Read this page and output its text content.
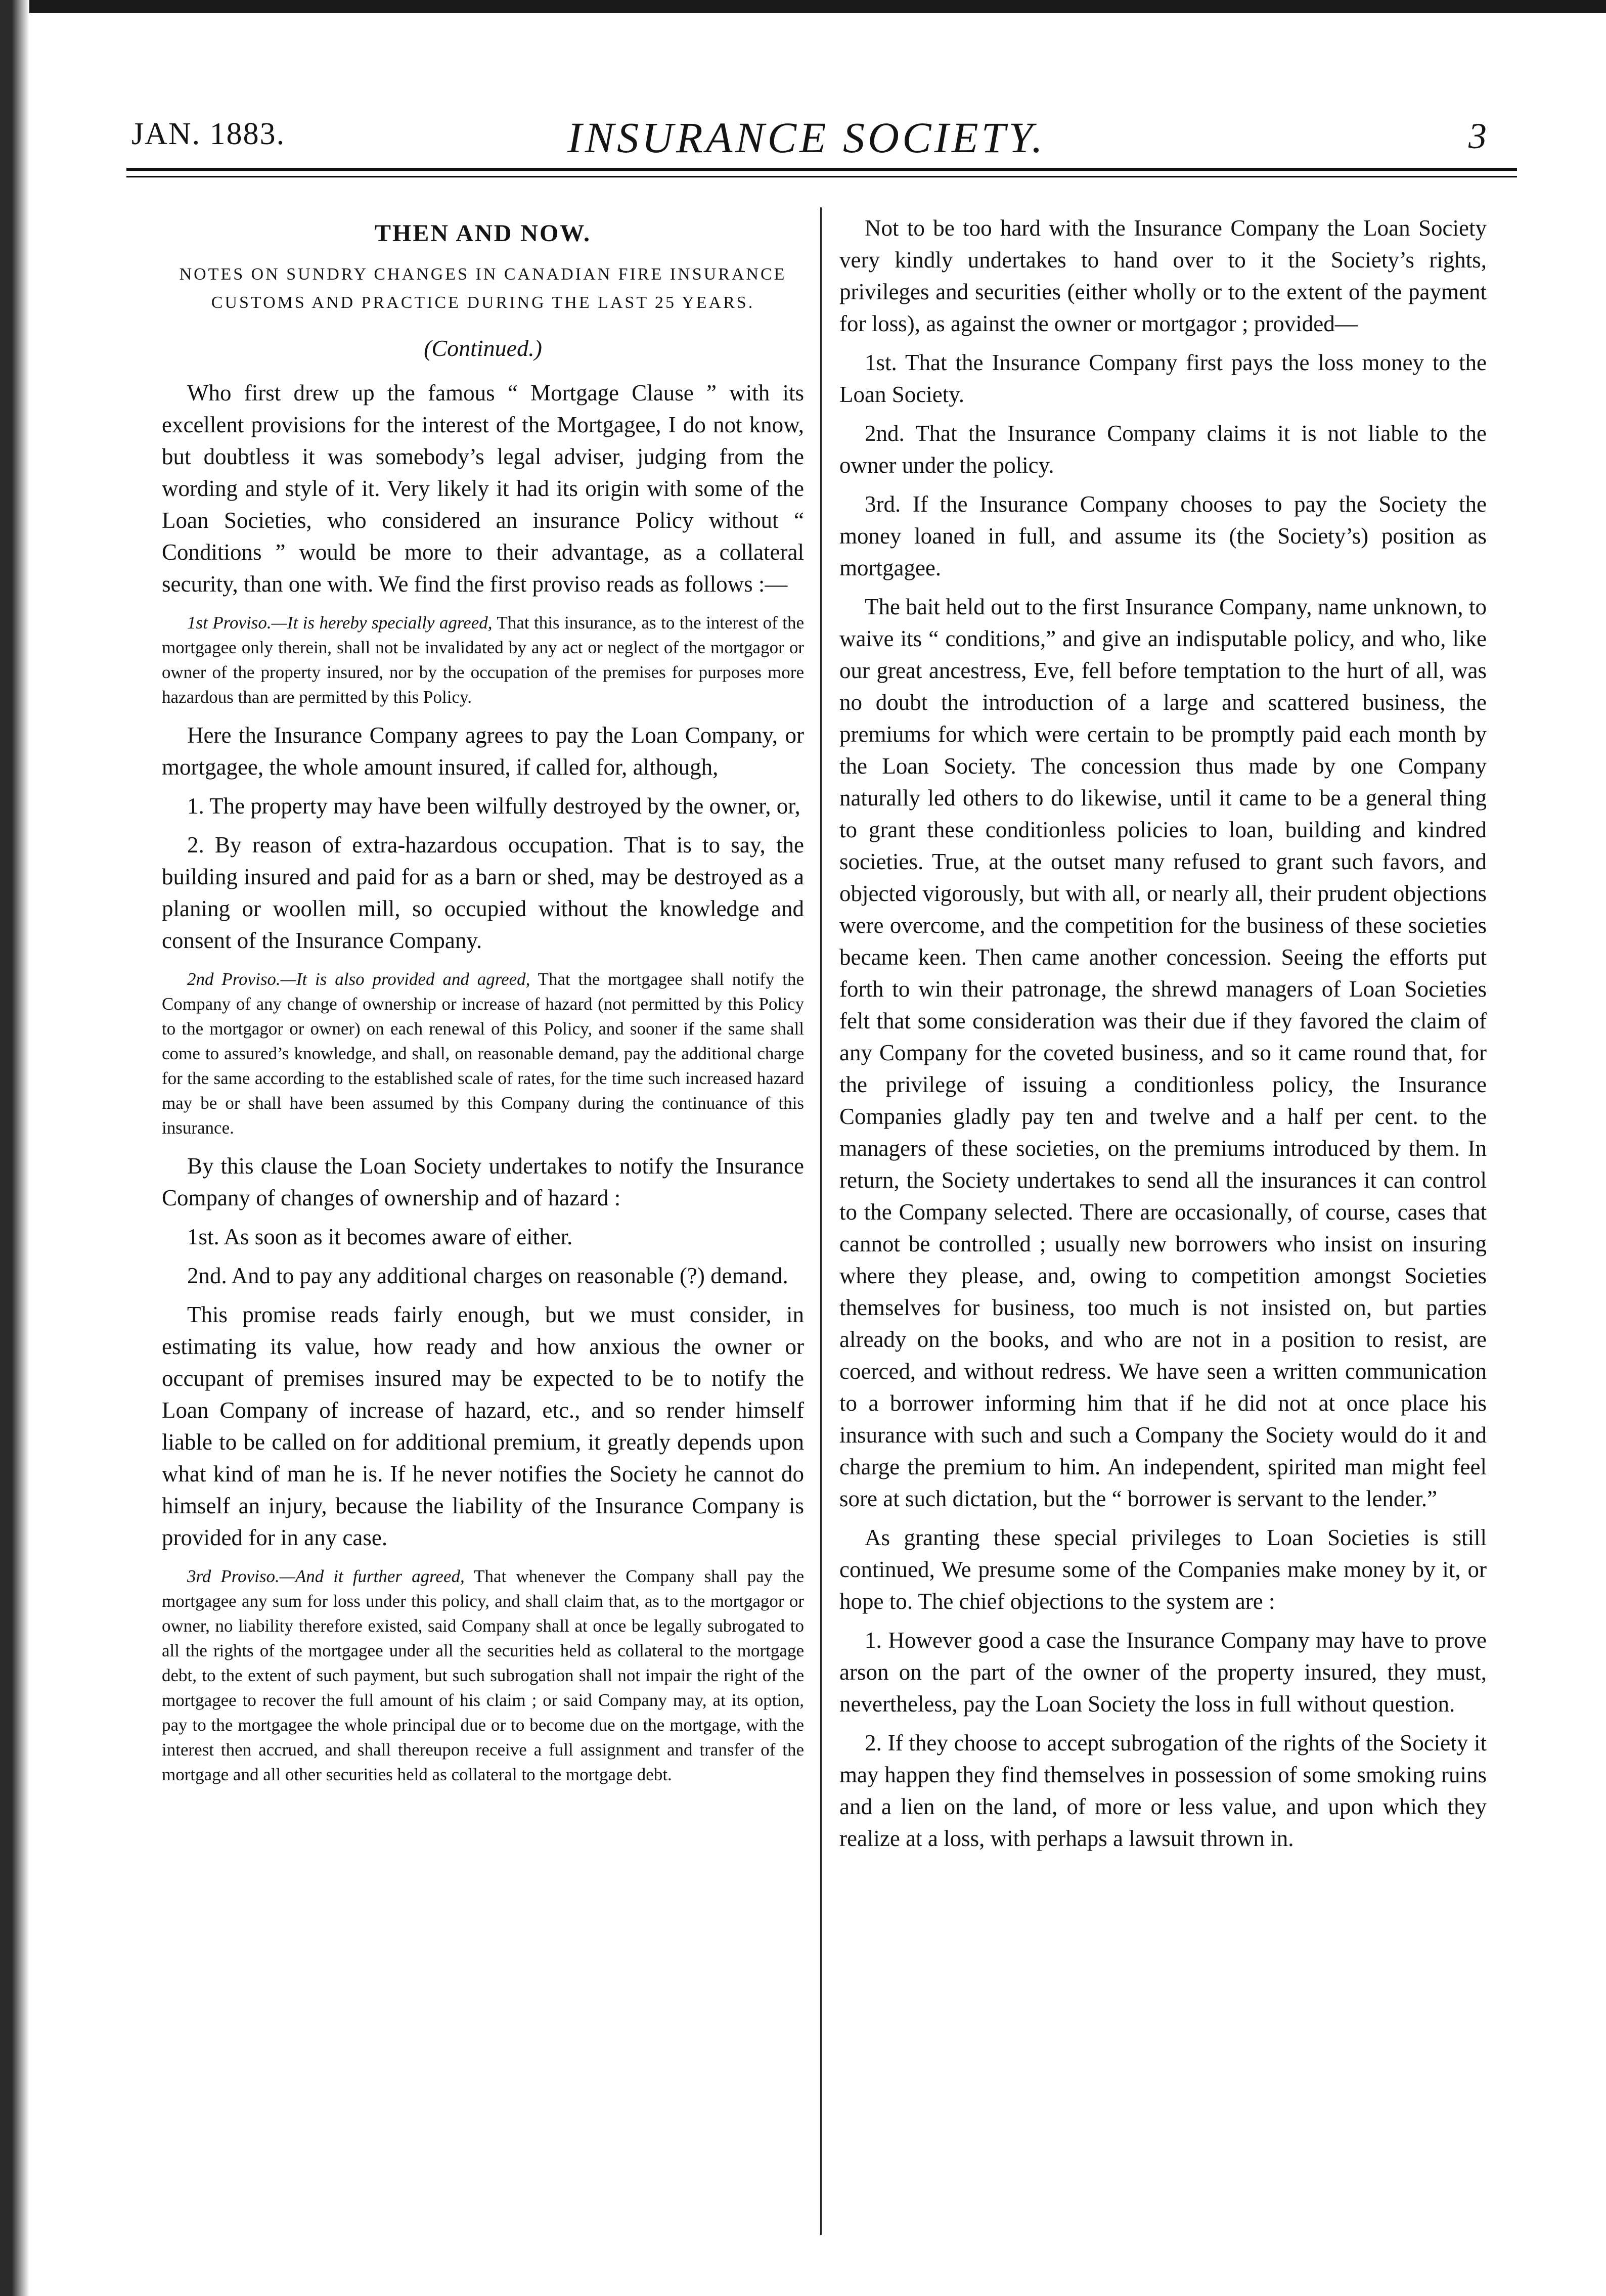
JAN. 1883.	INSURANCE SOCIETY.	3
THEN AND NOW.
NOTES ON SUNDRY CHANGES IN CANADIAN FIRE INSURANCE CUSTOMS AND PRACTICE DURING THE LAST 25 YEARS.
(Continued.)

Who first drew up the famous “ Mortgage Clause ” with its excellent provisions for the interest of the Mortgagee, I do not know, but doubtless it was somebody’s legal adviser, judging from the wording and style of it. Very likely it had its origin with some of the Loan Societies, who considered an insurance Policy without “ Conditions ” would be more to their advantage, as a collateral security, than one with. We find the first proviso reads as follows :—

1st Proviso.—It is hereby specially agreed, That this insurance, as to the interest of the mortgagee only therein, shall not be invalidated by any act or neglect of the mortgagor or owner of the property insured, nor by the occupation of the premises for purposes more hazardous than are permitted by this Policy.

Here the Insurance Company agrees to pay the Loan Company, or mortgagee, the whole amount insured, if called for, although,

1. The property may have been wilfully destroyed by the owner, or,

2. By reason of extra-hazardous occupation. That is to say, the building insured and paid for as a barn or shed, may be destroyed as a planing or woollen mill, so occupied without the knowledge and consent of the Insurance Company.

2nd Proviso.—It is also provided and agreed, That the mortgagee shall notify the Company of any change of ownership or increase of hazard (not permitted by this Policy to the mortgagor or owner) on each renewal of this Policy, and sooner if the same shall come to assured’s knowledge, and shall, on reasonable demand, pay the additional charge for the same according to the established scale of rates, for the time such increased hazard may be or shall have been assumed by this Company during the continuance of this insurance.

By this clause the Loan Society undertakes to notify the Insurance Company of changes of ownership and of hazard :

1st. As soon as it becomes aware of either.

2nd. And to pay any additional charges on reasonable (?) demand.

This promise reads fairly enough, but we must consider, in estimating its value, how ready and how anxious the owner or occupant of premises insured may be expected to be to notify the Loan Company of increase of hazard, etc., and so render himself liable to be called on for additional premium, it greatly depends upon what kind of man he is. If he never notifies the Society he cannot do himself an injury, because the liability of the Insurance Company is provided for in any case.

3rd Proviso.—And it further agreed, That whenever the Company shall pay the mortgagee any sum for loss under this policy, and shall claim that, as to the mortgagor or owner, no liability therefore existed, said Company shall at once be legally subrogated to all the rights of the mortgagee under all the securities held as collateral to the mortgage debt, to the extent of such payment, but such subrogation shall not impair the right of the mortgagee to recover the full amount of his claim ; or said Company may, at its option, pay to the mortgagee the whole principal due or to become due on the mortgage, with the interest then accrued, and shall thereupon receive a full assignment and transfer of the mortgage and all other securities held as collateral to the mortgage debt.

Not to be too hard with the Insurance Company the Loan Society very kindly undertakes to hand over to it the Society’s rights, privileges and securities (either wholly or to the extent of the payment for loss), as against the owner or mortgagor ; provided—

1st. That the Insurance Company first pays the loss money to the Loan Society.

2nd. That the Insurance Company claims it is not liable to the owner under the policy.

3rd. If the Insurance Company chooses to pay the Society the money loaned in full, and assume its (the Society’s) position as mortgagee.

The bait held out to the first Insurance Company, name unknown, to waive its “ conditions,” and give an indisputable policy, and who, like our great ancestress, Eve, fell before temptation to the hurt of all, was no doubt the introduction of a large and scattered business, the premiums for which were certain to be promptly paid each month by the Loan Society. The concession thus made by one Company naturally led others to do likewise, until it came to be a general thing to grant these conditionless policies to loan, building and kindred societies. True, at the outset many refused to grant such favors, and objected vigorously, but with all, or nearly all, their prudent objections were overcome, and the competition for the business of these societies became keen. Then came another concession. Seeing the efforts put forth to win their patronage, the shrewd managers of Loan Societies felt that some consideration was their due if they favored the claim of any Company for the coveted business, and so it came round that, for the privilege of issuing a conditionless policy, the Insurance Companies gladly pay ten and twelve and a half per cent. to the managers of these societies, on the premiums introduced by them. In return, the Society undertakes to send all the insurances it can control to the Company selected. There are occasionally, of course, cases that cannot be controlled ; usually new borrowers who insist on insuring where they please, and, owing to competition amongst Societies themselves for business, too much is not insisted on, but parties already on the books, and who are not in a position to resist, are coerced, and without redress. We have seen a written communication to a borrower informing him that if he did not at once place his insurance with such and such a Company the Society would do it and charge the premium to him. An independent, spirited man might feel sore at such dictation, but the “ borrower is servant to the lender.”

As granting these special privileges to Loan Societies is still continued, We presume some of the Companies make money by it, or hope to. The chief objections to the system are :

1. However good a case the Insurance Company may have to prove arson on the part of the owner of the property insured, they must, nevertheless, pay the Loan Society the loss in full without question.

2. If they choose to accept subrogation of the rights of the Society it may happen they find themselves in possession of some smoking ruins and a lien on the land, of more or less value, and upon which they realize at a loss, with perhaps a lawsuit thrown in.
